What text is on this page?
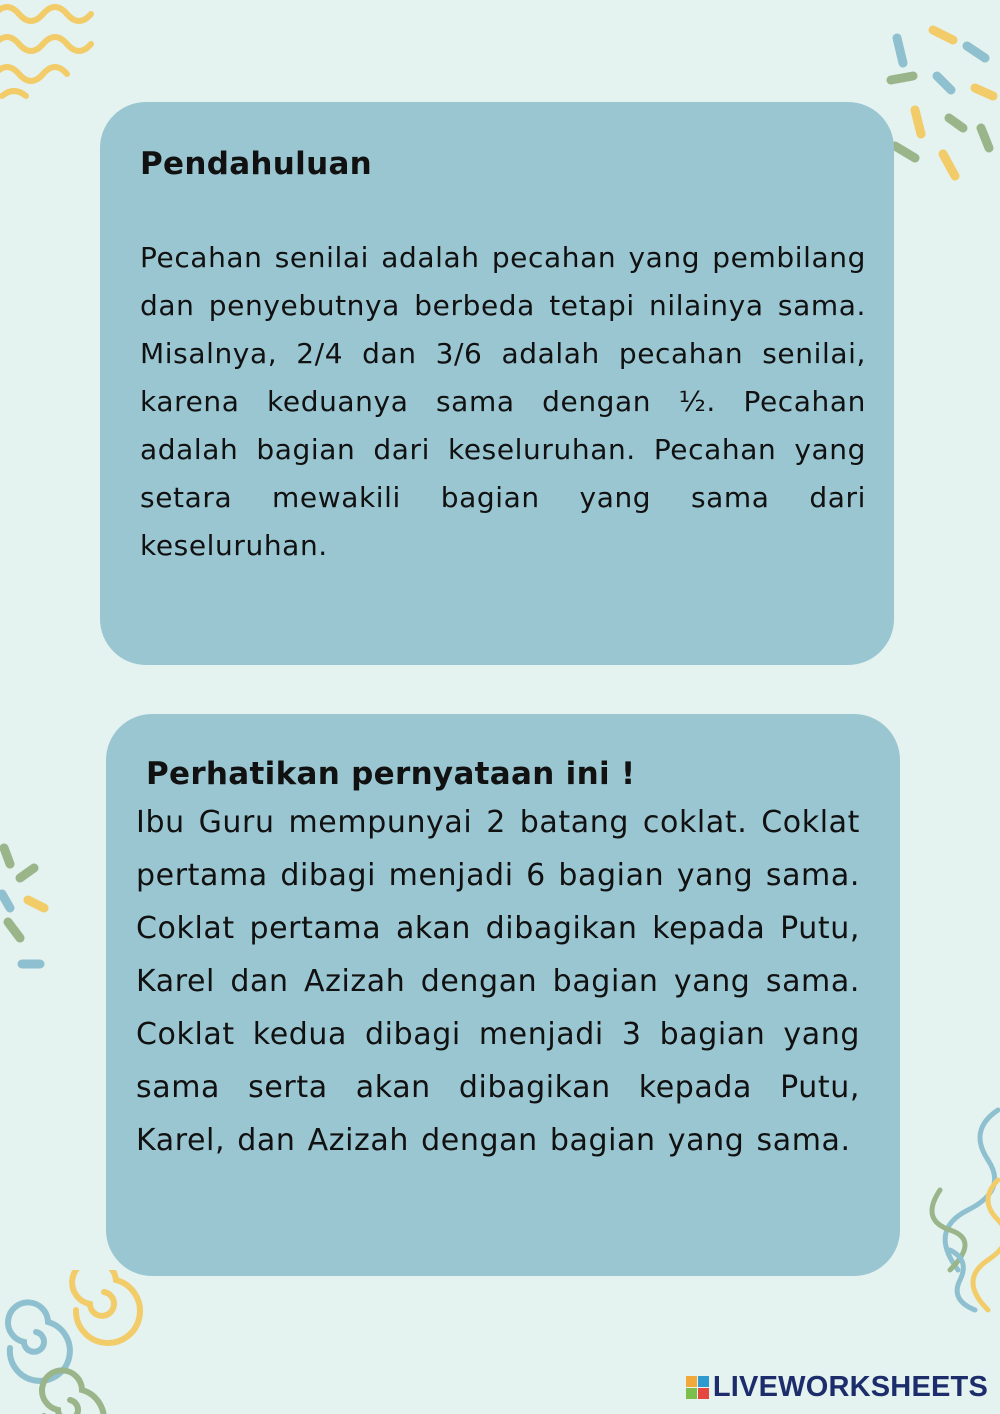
Pendahuluan

Pecahan senilai adalah pecahan yang pembilang dan penyebutnya berbeda tetapi nilainya sama. Misalnya, 2/4 dan 3/6 adalah pecahan senilai, karena keduanya sama dengan ½. Pecahan adalah bagian dari keseluruhan. Pecahan yang setara mewakili bagian yang sama dari keseluruhan.

Perhatikan pernyataan ini !

Ibu Guru mempunyai 2 batang coklat. Coklat pertama dibagi menjadi 6 bagian yang sama. Coklat pertama akan dibagikan kepada Putu, Karel dan Azizah dengan bagian yang sama. Coklat kedua dibagi menjadi 3 bagian yang sama serta akan dibagikan kepada Putu, Karel, dan Azizah dengan bagian yang sama.

LIVEWORKSHEETS
